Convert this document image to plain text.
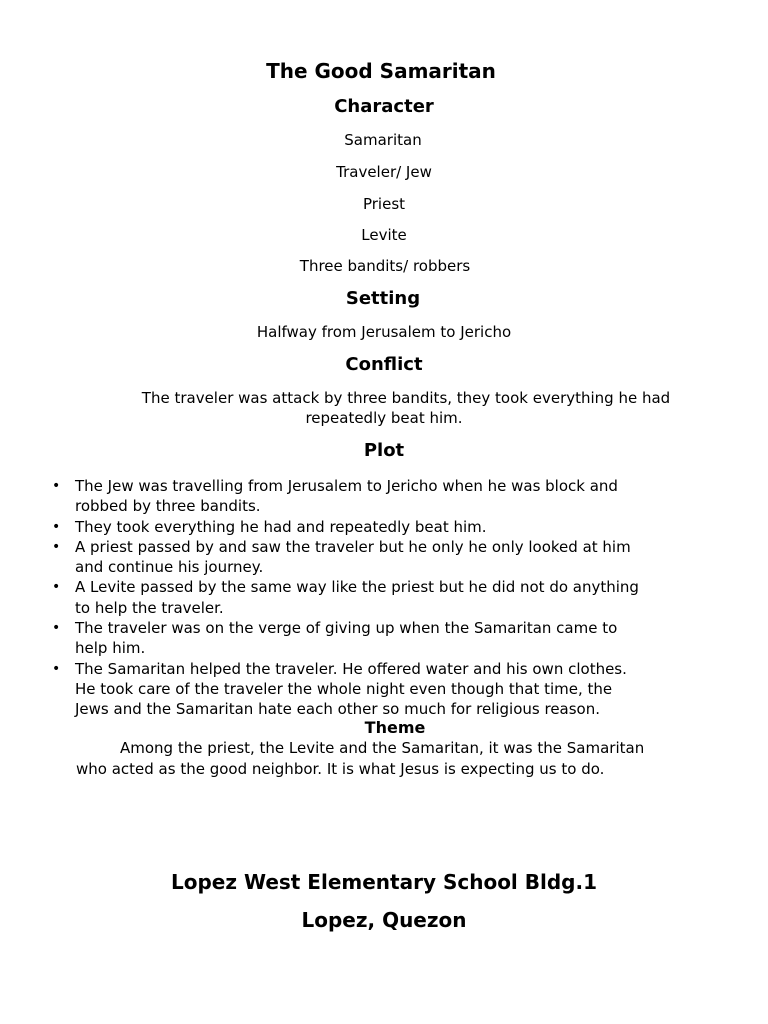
The Good Samaritan
Character
Samaritan
Traveler/ Jew
Priest
Levite
Three bandits/ robbers
Setting
Halfway from Jerusalem to Jericho
Conflict
The traveler was attack by three bandits, they took everything he had
repeatedly beat him.
Plot
• The Jew was travelling from Jerusalem to Jericho when he was block and
robbed by three bandits.
• They took everything he had and repeatedly beat him.
• A priest passed by and saw the traveler but he only he only looked at him
and continue his journey.
• A Levite passed by the same way like the priest but he did not do anything
to help the traveler.
• The traveler was on the verge of giving up when the Samaritan came to
help him.
• The Samaritan helped the traveler. He offered water and his own clothes.
He took care of the traveler the whole night even though that time, the
Jews and the Samaritan hate each other so much for religious reason.
Theme
Among the priest, the Levite and the Samaritan, it was the Samaritan
who acted as the good neighbor. It is what Jesus is expecting us to do.
Lopez West Elementary School Bldg.1
Lopez, Quezon
